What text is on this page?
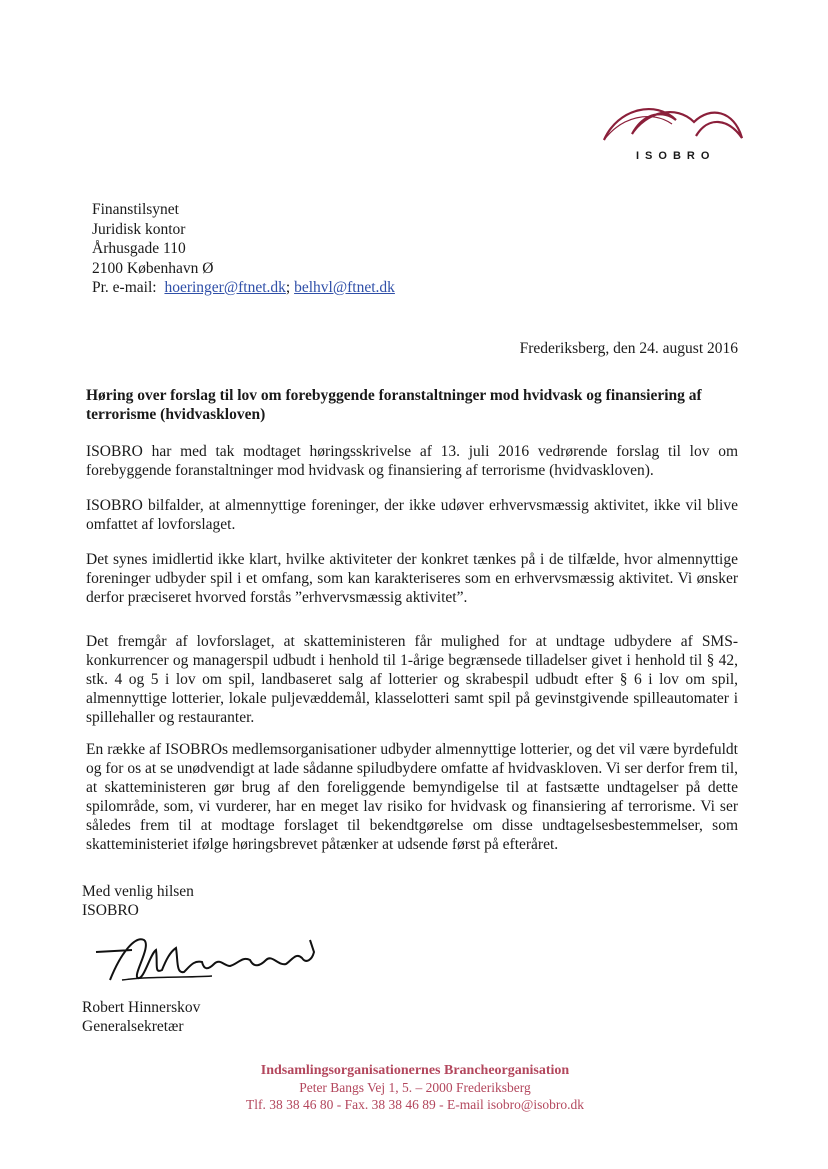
ISOBRO
Finanstilsynet
Juridisk kontor
Århusgade 110
2100 København Ø
Pr. e-mail: hoeringer@ftnet.dk; belhvl@ftnet.dk
Frederiksberg, den 24. august 2016
Høring over forslag til lov om forebyggende foranstaltninger mod hvidvask og finansiering af terrorisme (hvidvaskloven)
ISOBRO har med tak modtaget høringsskrivelse af 13. juli 2016 vedrørende forslag til lov om forebyggende foranstaltninger mod hvidvask og finansiering af terrorisme (hvidvaskloven).
ISOBRO bilfalder, at almennyttige foreninger, der ikke udøver erhvervsmæssig aktivitet, ikke vil blive omfattet af lovforslaget.
Det synes imidlertid ikke klart, hvilke aktiviteter der konkret tænkes på i de tilfælde, hvor almennyttige foreninger udbyder spil i et omfang, som kan karakteriseres som en erhvervsmæssig aktivitet. Vi ønsker derfor præciseret hvorved forstås ”erhvervsmæssig aktivitet”.
Det fremgår af lovforslaget, at skatteministeren får mulighed for at undtage udbydere af SMS-konkurrencer og managerspil udbudt i henhold til 1-årige begrænsede tilladelser givet i henhold til § 42, stk. 4 og 5 i lov om spil, landbaseret salg af lotterier og skrabespil udbudt efter § 6 i lov om spil, almennyttige lotterier, lokale puljevæddemål, klasselotteri samt spil på gevinstgivende spilleautomater i spillehaller og restauranter.
En række af ISOBROs medlemsorganisationer udbyder almennyttige lotterier, og det vil være byrdefuldt og for os at se unødvendigt at lade sådanne spiludbydere omfatte af hvidvaskloven. Vi ser derfor frem til, at skatteministeren gør brug af den foreliggende bemyndigelse til at fastsætte undtagelser på dette spilområde, som, vi vurderer, har en meget lav risiko for hvidvask og finansiering af terrorisme. Vi ser således frem til at modtage forslaget til bekendtgørelse om disse undtagelsesbestemmelser, som skatteministeriet ifølge høringsbrevet påtænker at udsende først på efteråret.
Med venlig hilsen
ISOBRO
Robert Hinnerskov
Generalsekretær
Indsamlingsorganisationernes Brancheorganisation
Peter Bangs Vej 1, 5. – 2000 Frederiksberg
Tlf. 38 38 46 80 - Fax. 38 38 46 89 - E-mail isobro@isobro.dk
